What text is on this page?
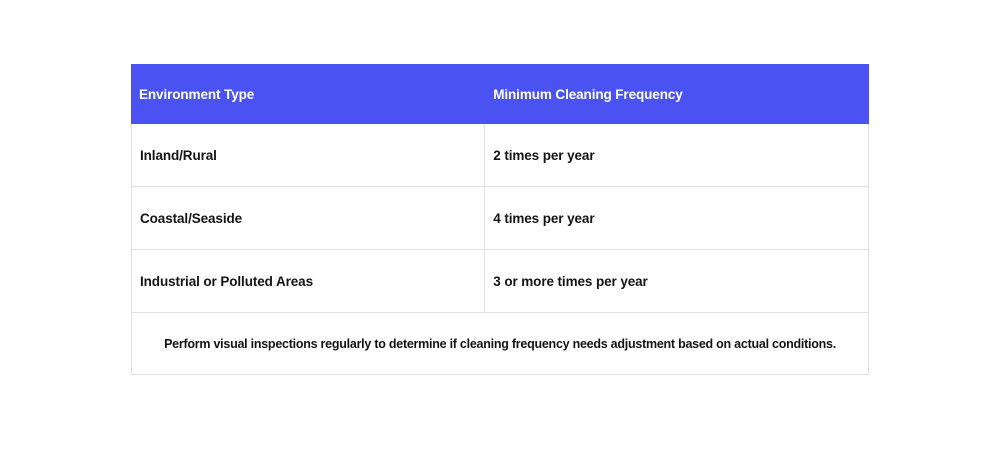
Environment Type	Minimum Cleaning Frequency
Inland/Rural	2 times per year
Coastal/Seaside	4 times per year
Industrial or Polluted Areas	3 or more times per year
Perform visual inspections regularly to determine if cleaning frequency needs adjustment based on actual conditions.
